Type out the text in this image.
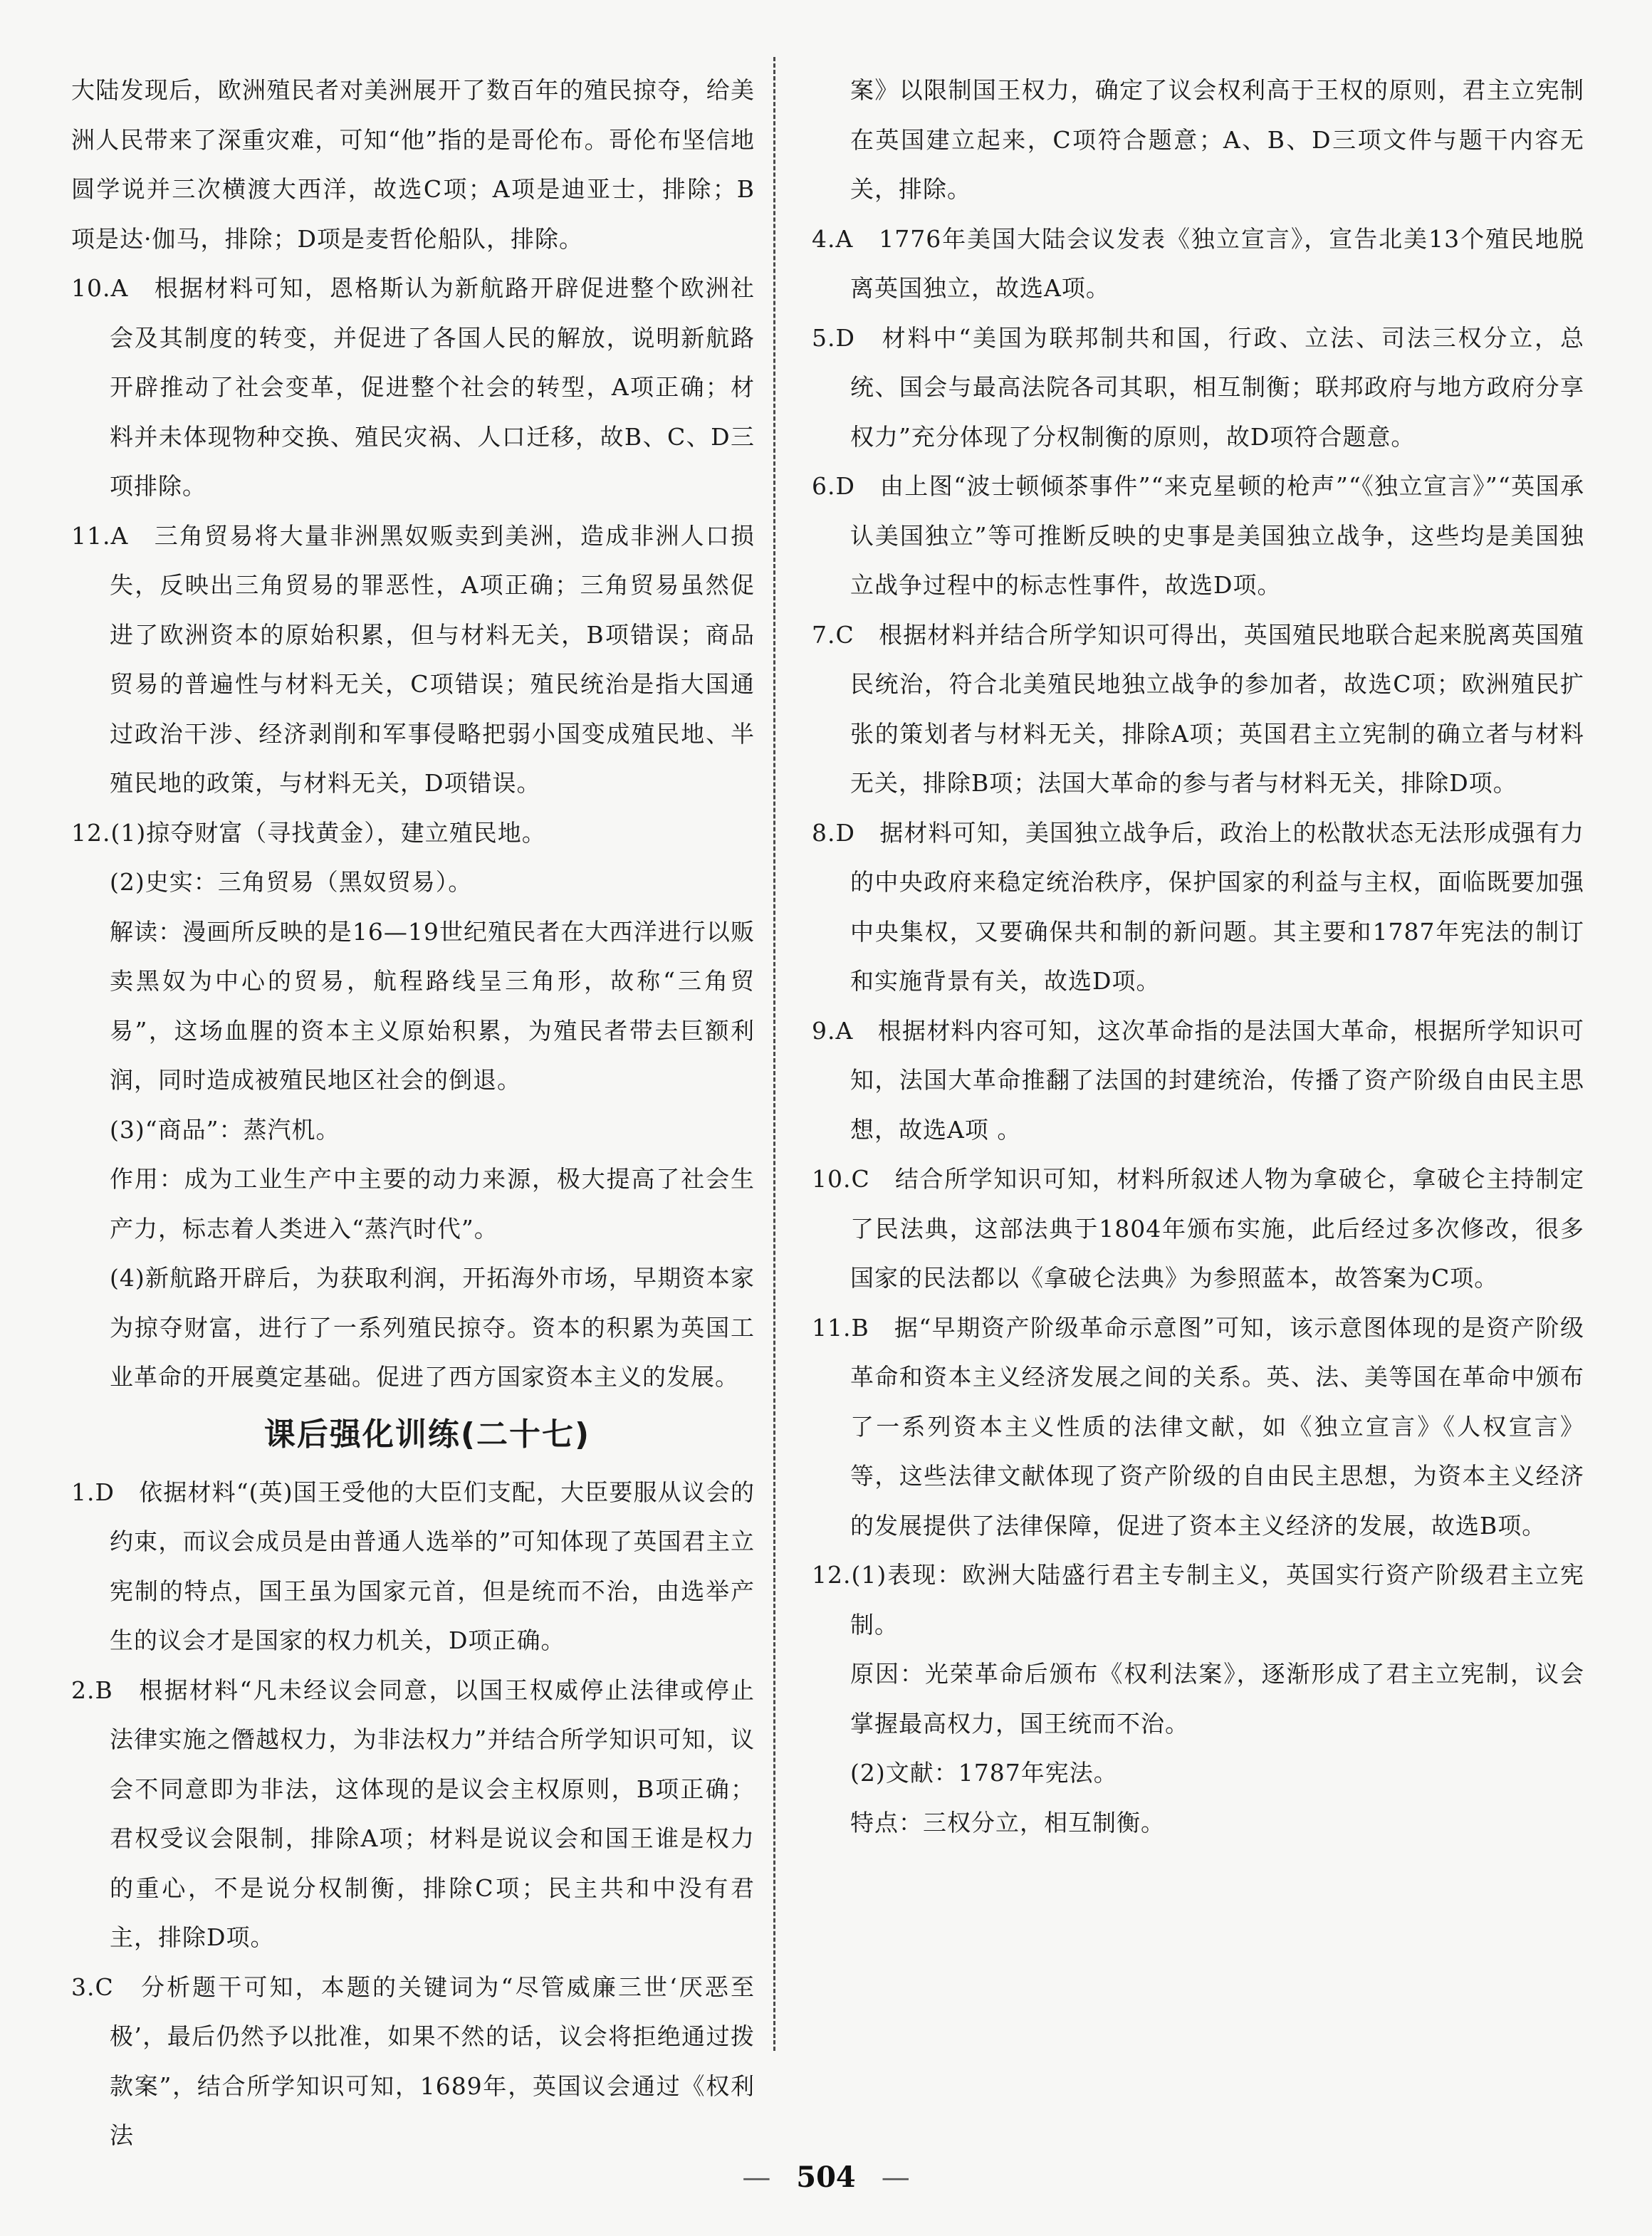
大陆发现后，欧洲殖民者对美洲展开了数百年的殖民掠夺，给美洲人民带来了深重灾难，可知“他”指的是哥伦布。哥伦布坚信地圆学说并三次横渡大西洋，故选C项；A项是迪亚士，排除；B项是达·伽马，排除；D项是麦哲伦船队，排除。

10.A　根据材料可知，恩格斯认为新航路开辟促进整个欧洲社会及其制度的转变，并促进了各国人民的解放，说明新航路开辟推动了社会变革，促进整个社会的转型，A项正确；材料并未体现物种交换、殖民灾祸、人口迁移，故B、C、D三项排除。

11.A　三角贸易将大量非洲黑奴贩卖到美洲，造成非洲人口损失，反映出三角贸易的罪恶性，A项正确；三角贸易虽然促进了欧洲资本的原始积累，但与材料无关，B项错误；商品贸易的普遍性与材料无关，C项错误；殖民统治是指大国通过政治干涉、经济剥削和军事侵略把弱小国变成殖民地、半殖民地的政策，与材料无关，D项错误。

12.(1)掠夺财富（寻找黄金），建立殖民地。

(2)史实：三角贸易（黑奴贸易）。

解读：漫画所反映的是16—19世纪殖民者在大西洋进行以贩卖黑奴为中心的贸易，航程路线呈三角形，故称“三角贸易”，这场血腥的资本主义原始积累，为殖民者带去巨额利润，同时造成被殖民地区社会的倒退。

(3)“商品”：蒸汽机。

作用：成为工业生产中主要的动力来源，极大提高了社会生产力，标志着人类进入“蒸汽时代”。

(4)新航路开辟后，为获取利润，开拓海外市场，早期资本家为掠夺财富，进行了一系列殖民掠夺。资本的积累为英国工业革命的开展奠定基础。促进了西方国家资本主义的发展。

课后强化训练(二十七)

1.D　依据材料“(英)国王受他的大臣们支配，大臣要服从议会的约束，而议会成员是由普通人选举的”可知体现了英国君主立宪制的特点，国王虽为国家元首，但是统而不治，由选举产生的议会才是国家的权力机关，D项正确。

2.B　根据材料“凡未经议会同意，以国王权威停止法律或停止法律实施之僭越权力，为非法权力”并结合所学知识可知，议会不同意即为非法，这体现的是议会主权原则，B项正确；君权受议会限制，排除A项；材料是说议会和国王谁是权力的重心，不是说分权制衡，排除C项；民主共和中没有君主，排除D项。

3.C　分析题干可知，本题的关键词为“尽管威廉三世‘厌恶至极’，最后仍然予以批准，如果不然的话，议会将拒绝通过拨款案”，结合所学知识可知，1689年，英国议会通过《权利法

案》以限制国王权力，确定了议会权利高于王权的原则，君主立宪制在英国建立起来，C项符合题意；A、B、D三项文件与题干内容无关，排除。

4.A　1776年美国大陆会议发表《独立宣言》，宣告北美13个殖民地脱离英国独立，故选A项。

5.D　材料中“美国为联邦制共和国，行政、立法、司法三权分立，总统、国会与最高法院各司其职，相互制衡；联邦政府与地方政府分享权力”充分体现了分权制衡的原则，故D项符合题意。

6.D　由上图“波士顿倾茶事件”“来克星顿的枪声”“《独立宣言》”“英国承认美国独立”等可推断反映的史事是美国独立战争，这些均是美国独立战争过程中的标志性事件，故选D项。

7.C　根据材料并结合所学知识可得出，英国殖民地联合起来脱离英国殖民统治，符合北美殖民地独立战争的参加者，故选C项；欧洲殖民扩张的策划者与材料无关，排除A项；英国君主立宪制的确立者与材料无关，排除B项；法国大革命的参与者与材料无关，排除D项。

8.D　据材料可知，美国独立战争后，政治上的松散状态无法形成强有力的中央政府来稳定统治秩序，保护国家的利益与主权，面临既要加强中央集权，又要确保共和制的新问题。其主要和1787年宪法的制订和实施背景有关，故选D项。

9.A　根据材料内容可知，这次革命指的是法国大革命，根据所学知识可知，法国大革命推翻了法国的封建统治，传播了资产阶级自由民主思想，故选A项 。

10.C　结合所学知识可知，材料所叙述人物为拿破仑，拿破仑主持制定了民法典，这部法典于1804年颁布实施，此后经过多次修改，很多国家的民法都以《拿破仑法典》为参照蓝本，故答案为C项。

11.B　据“早期资产阶级革命示意图”可知，该示意图体现的是资产阶级革命和资本主义经济发展之间的关系。英、法、美等国在革命中颁布了一系列资本主义性质的法律文献，如《独立宣言》《人权宣言》等，这些法律文献体现了资产阶级的自由民主思想，为资本主义经济的发展提供了法律保障，促进了资本主义经济的发展，故选B项。

12.(1)表现：欧洲大陆盛行君主专制主义，英国实行资产阶级君主立宪制。

原因：光荣革命后颁布《权利法案》，逐渐形成了君主立宪制，议会掌握最高权力，国王统而不治。

(2)文献：1787年宪法。

特点：三权分立，相互制衡。

— 504 —
